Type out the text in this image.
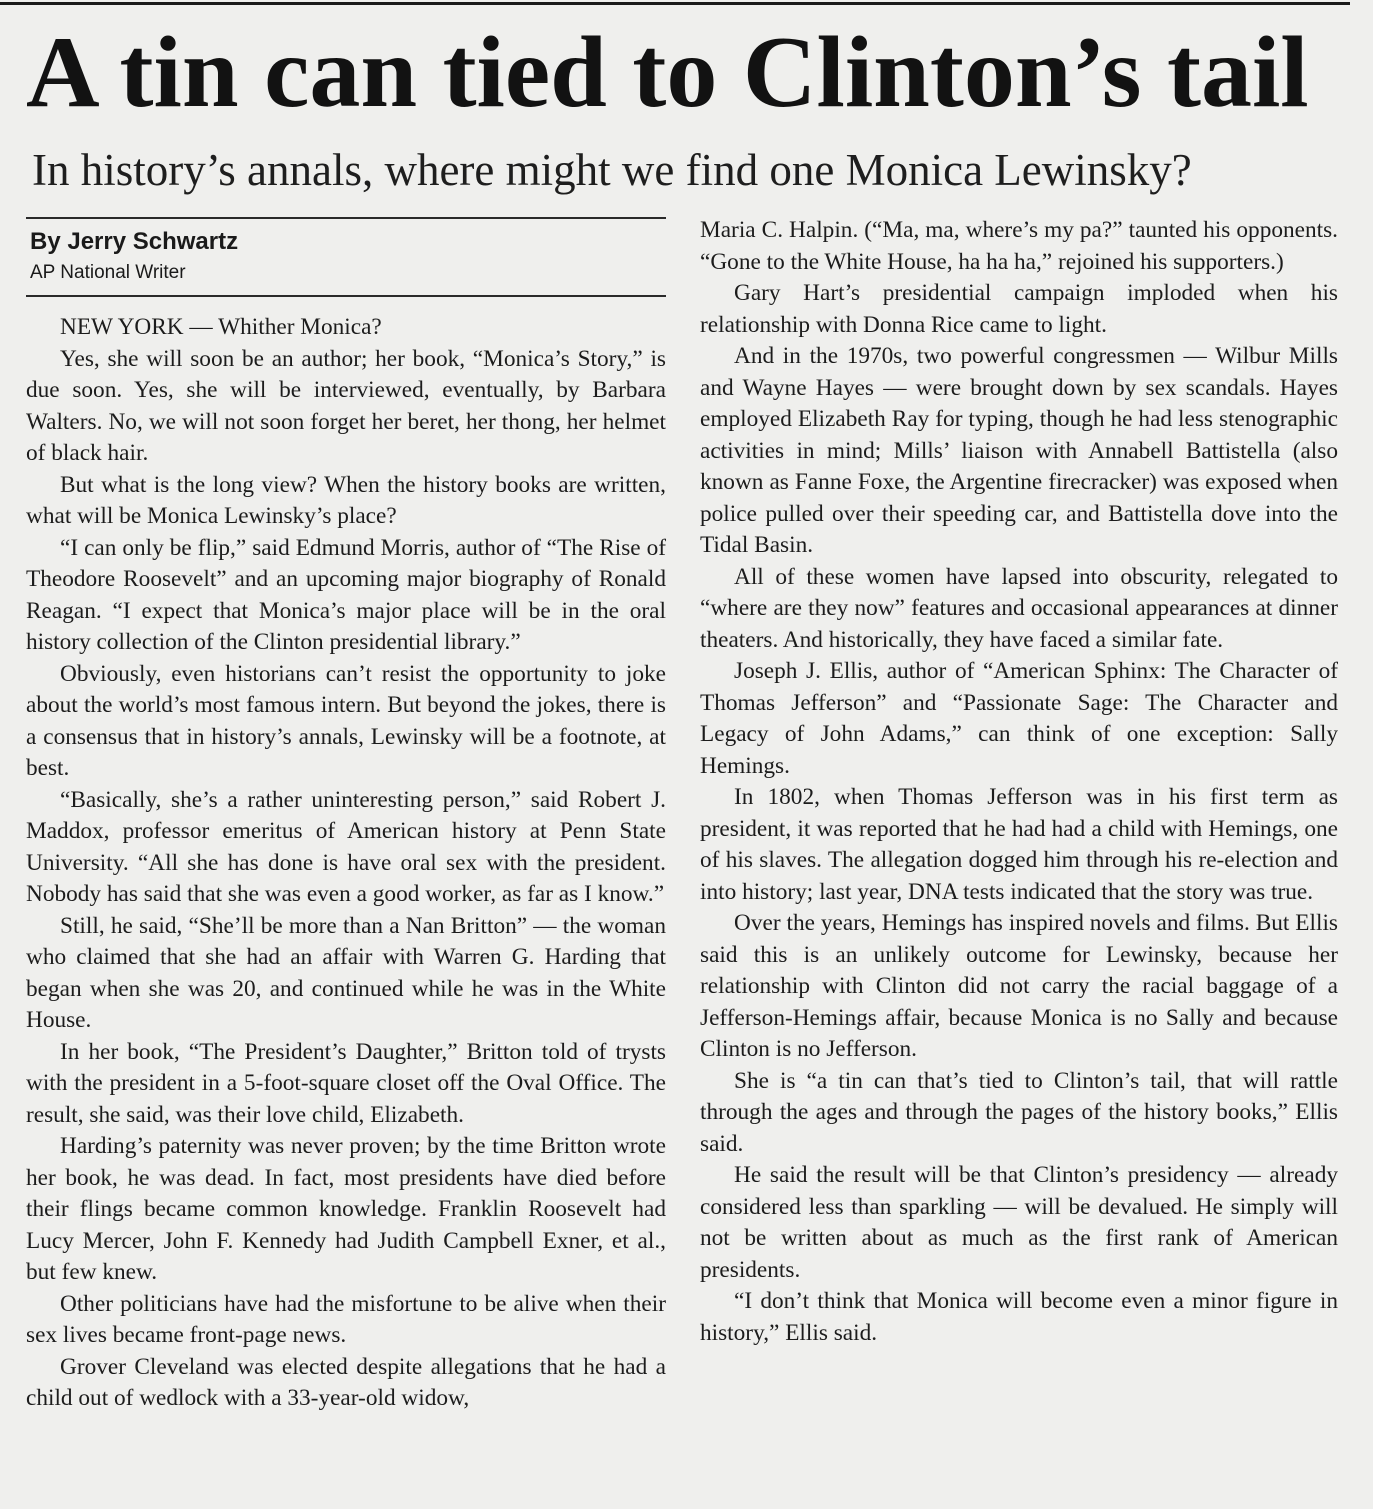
A tin can tied to Clinton’s tail
In history’s annals, where might we find one Monica Lewinsky?
By Jerry Schwartz
AP National Writer

NEW YORK — Whither Monica?

Yes, she will soon be an author; her book, “Monica’s Story,” is due soon. Yes, she will be interviewed, eventually, by Barbara Walters. No, we will not soon forget her beret, her thong, her helmet of black hair.

But what is the long view? When the history books are written, what will be Monica Lewinsky’s place?

“I can only be flip,” said Edmund Morris, author of “The Rise of Theodore Roosevelt” and an upcoming major biography of Ronald Reagan. “I expect that Monica’s major place will be in the oral history collection of the Clinton presidential library.”

Obviously, even historians can’t resist the opportunity to joke about the world’s most famous intern. But beyond the jokes, there is a consensus that in history’s annals, Lewinsky will be a footnote, at best.

“Basically, she’s a rather uninteresting person,” said Robert J. Maddox, professor emeritus of American history at Penn State University. “All she has done is have oral sex with the president. Nobody has said that she was even a good worker, as far as I know.”

Still, he said, “She’ll be more than a Nan Britton” — the woman who claimed that she had an affair with Warren G. Harding that began when she was 20, and continued while he was in the White House.

In her book, “The President’s Daughter,” Britton told of trysts with the president in a 5-foot-square closet off the Oval Office. The result, she said, was their love child, Elizabeth.

Harding’s paternity was never proven; by the time Britton wrote her book, he was dead. In fact, most presidents have died before their flings became common knowledge. Franklin Roosevelt had Lucy Mercer, John F. Kennedy had Judith Campbell Exner, et al., but few knew.

Other politicians have had the misfortune to be alive when their sex lives became front-page news.

Grover Cleveland was elected despite allegations that he had a child out of wedlock with a 33-year-old widow,

Maria C. Halpin. (“Ma, ma, where’s my pa?” taunted his opponents. “Gone to the White House, ha ha ha,” rejoined his supporters.)

Gary Hart’s presidential campaign imploded when his relationship with Donna Rice came to light.

And in the 1970s, two powerful congressmen — Wilbur Mills and Wayne Hayes — were brought down by sex scandals. Hayes employed Elizabeth Ray for typing, though he had less stenographic activities in mind; Mills’ liaison with Annabell Battistella (also known as Fanne Foxe, the Argentine firecracker) was exposed when police pulled over their speeding car, and Battistella dove into the Tidal Basin.

All of these women have lapsed into obscurity, relegated to “where are they now” features and occasional appearances at dinner theaters. And historically, they have faced a similar fate.

Joseph J. Ellis, author of “American Sphinx: The Character of Thomas Jefferson” and “Passionate Sage: The Character and Legacy of John Adams,” can think of one exception: Sally Hemings.

In 1802, when Thomas Jefferson was in his first term as president, it was reported that he had had a child with Hemings, one of his slaves. The allegation dogged him through his re-election and into history; last year, DNA tests indicated that the story was true.

Over the years, Hemings has inspired novels and films. But Ellis said this is an unlikely outcome for Lewinsky, because her relationship with Clinton did not carry the racial baggage of a Jefferson-Hemings affair, because Monica is no Sally and because Clinton is no Jefferson.

She is “a tin can that’s tied to Clinton’s tail, that will rattle through the ages and through the pages of the history books,” Ellis said.

He said the result will be that Clinton’s presidency — already considered less than sparkling — will be devalued. He simply will not be written about as much as the first rank of American presidents.

“I don’t think that Monica will become even a minor figure in history,” Ellis said.
